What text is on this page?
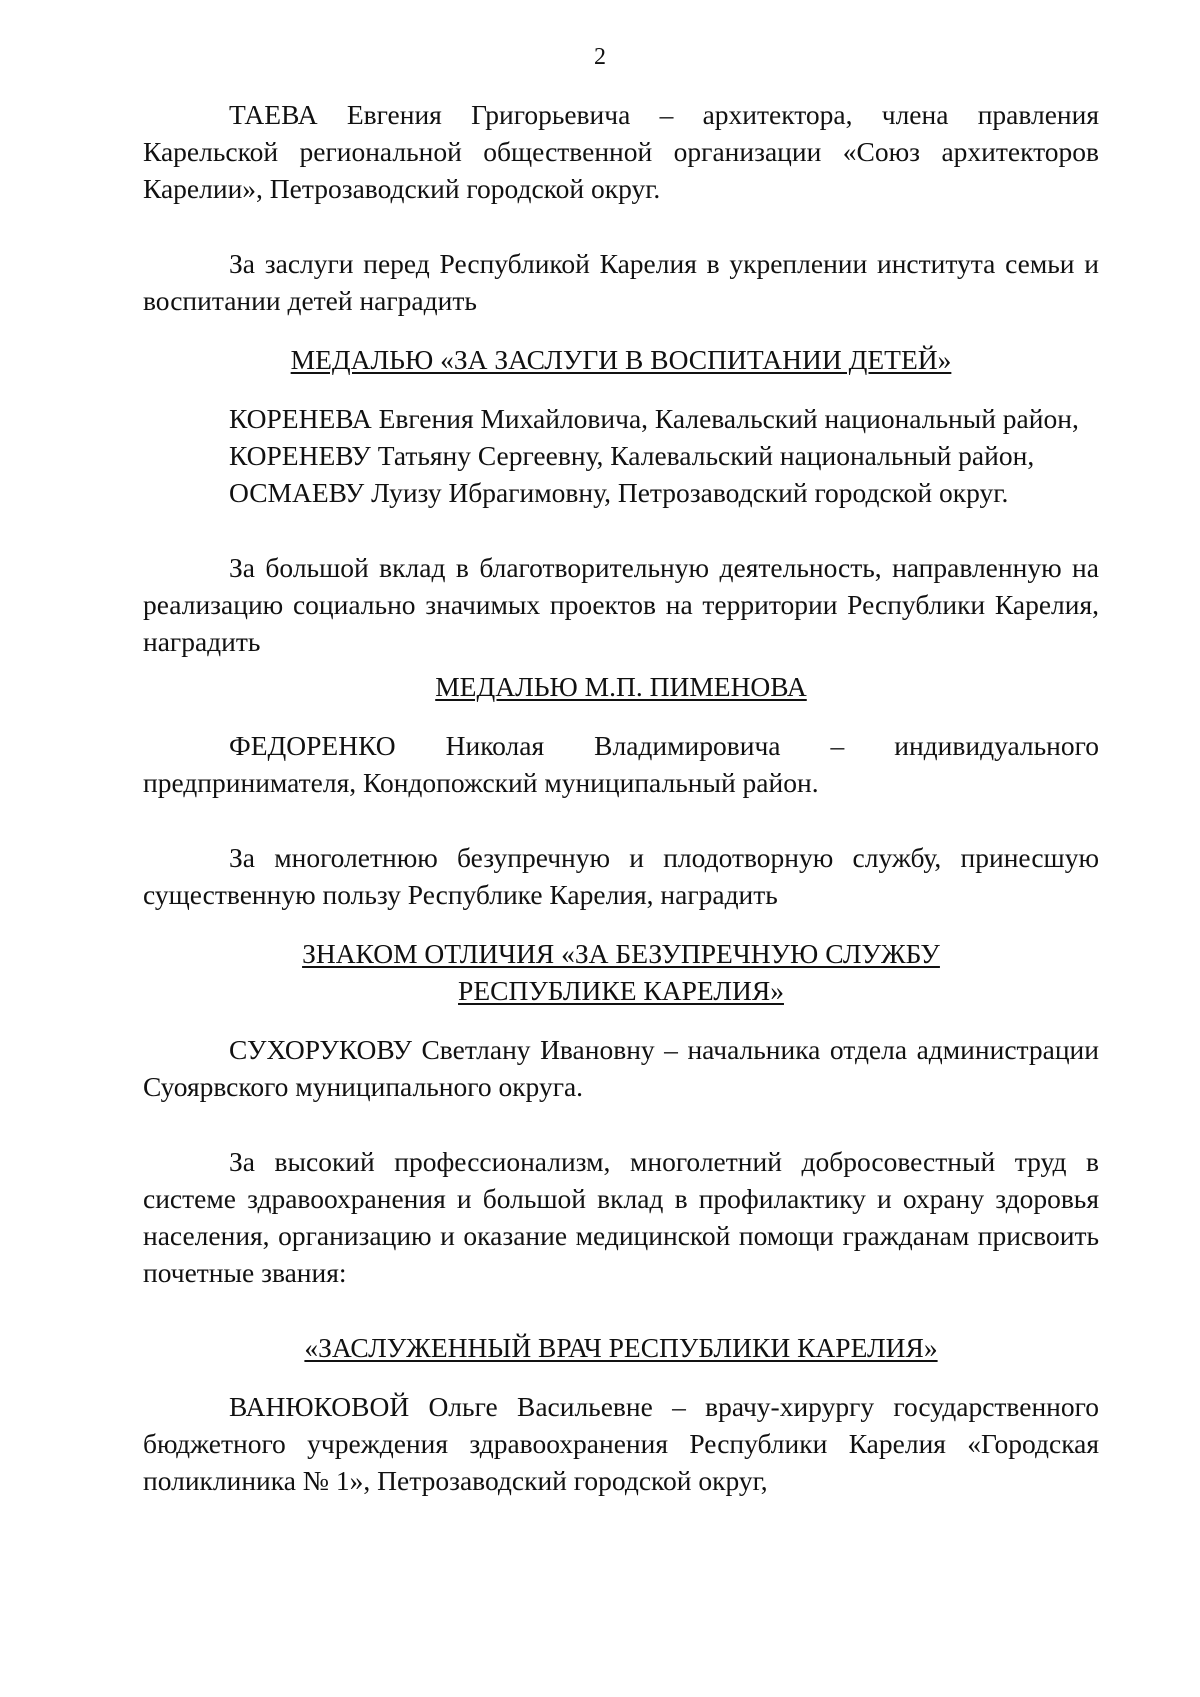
2

ТАЕВА Евгения Григорьевича – архитектора, члена правления Карельской региональной общественной организации «Союз архитекторов Карелии», Петрозаводский городской округ.

За заслуги перед Республикой Карелия в укреплении института семьи и воспитании детей наградить

МЕДАЛЬЮ «ЗА ЗАСЛУГИ В ВОСПИТАНИИ ДЕТЕЙ»

КОРЕНЕВА Евгения Михайловича, Калевальский национальный район,
КОРЕНЕВУ Татьяну Сергеевну, Калевальский национальный район,
ОСМАЕВУ Луизу Ибрагимовну, Петрозаводский городской округ.

За большой вклад в благотворительную деятельность, направленную на реализацию социально значимых проектов на территории Республики Карелия, наградить

МЕДАЛЬЮ М.П. ПИМЕНОВА

ФЕДОРЕНКО Николая Владимировича – индивидуального предпринимателя, Кондопожский муниципальный район.

За многолетнюю безупречную и плодотворную службу, принесшую существенную пользу Республике Карелия, наградить

ЗНАКОМ ОТЛИЧИЯ «ЗА БЕЗУПРЕЧНУЮ СЛУЖБУ

РЕСПУБЛИКЕ КАРЕЛИЯ»

СУХОРУКОВУ Светлану Ивановну – начальника отдела администрации Суоярвского муниципального округа.

За высокий профессионализм, многолетний добросовестный труд в системе здравоохранения и большой вклад в профилактику и охрану здоровья населения, организацию и оказание медицинской помощи гражданам присвоить почетные звания:

«ЗАСЛУЖЕННЫЙ ВРАЧ РЕСПУБЛИКИ КАРЕЛИЯ»

ВАНЮКОВОЙ Ольге Васильевне – врачу-хирургу государственного бюджетного учреждения здравоохранения Республики Карелия «Городская поликлиника № 1», Петрозаводский городской округ,
